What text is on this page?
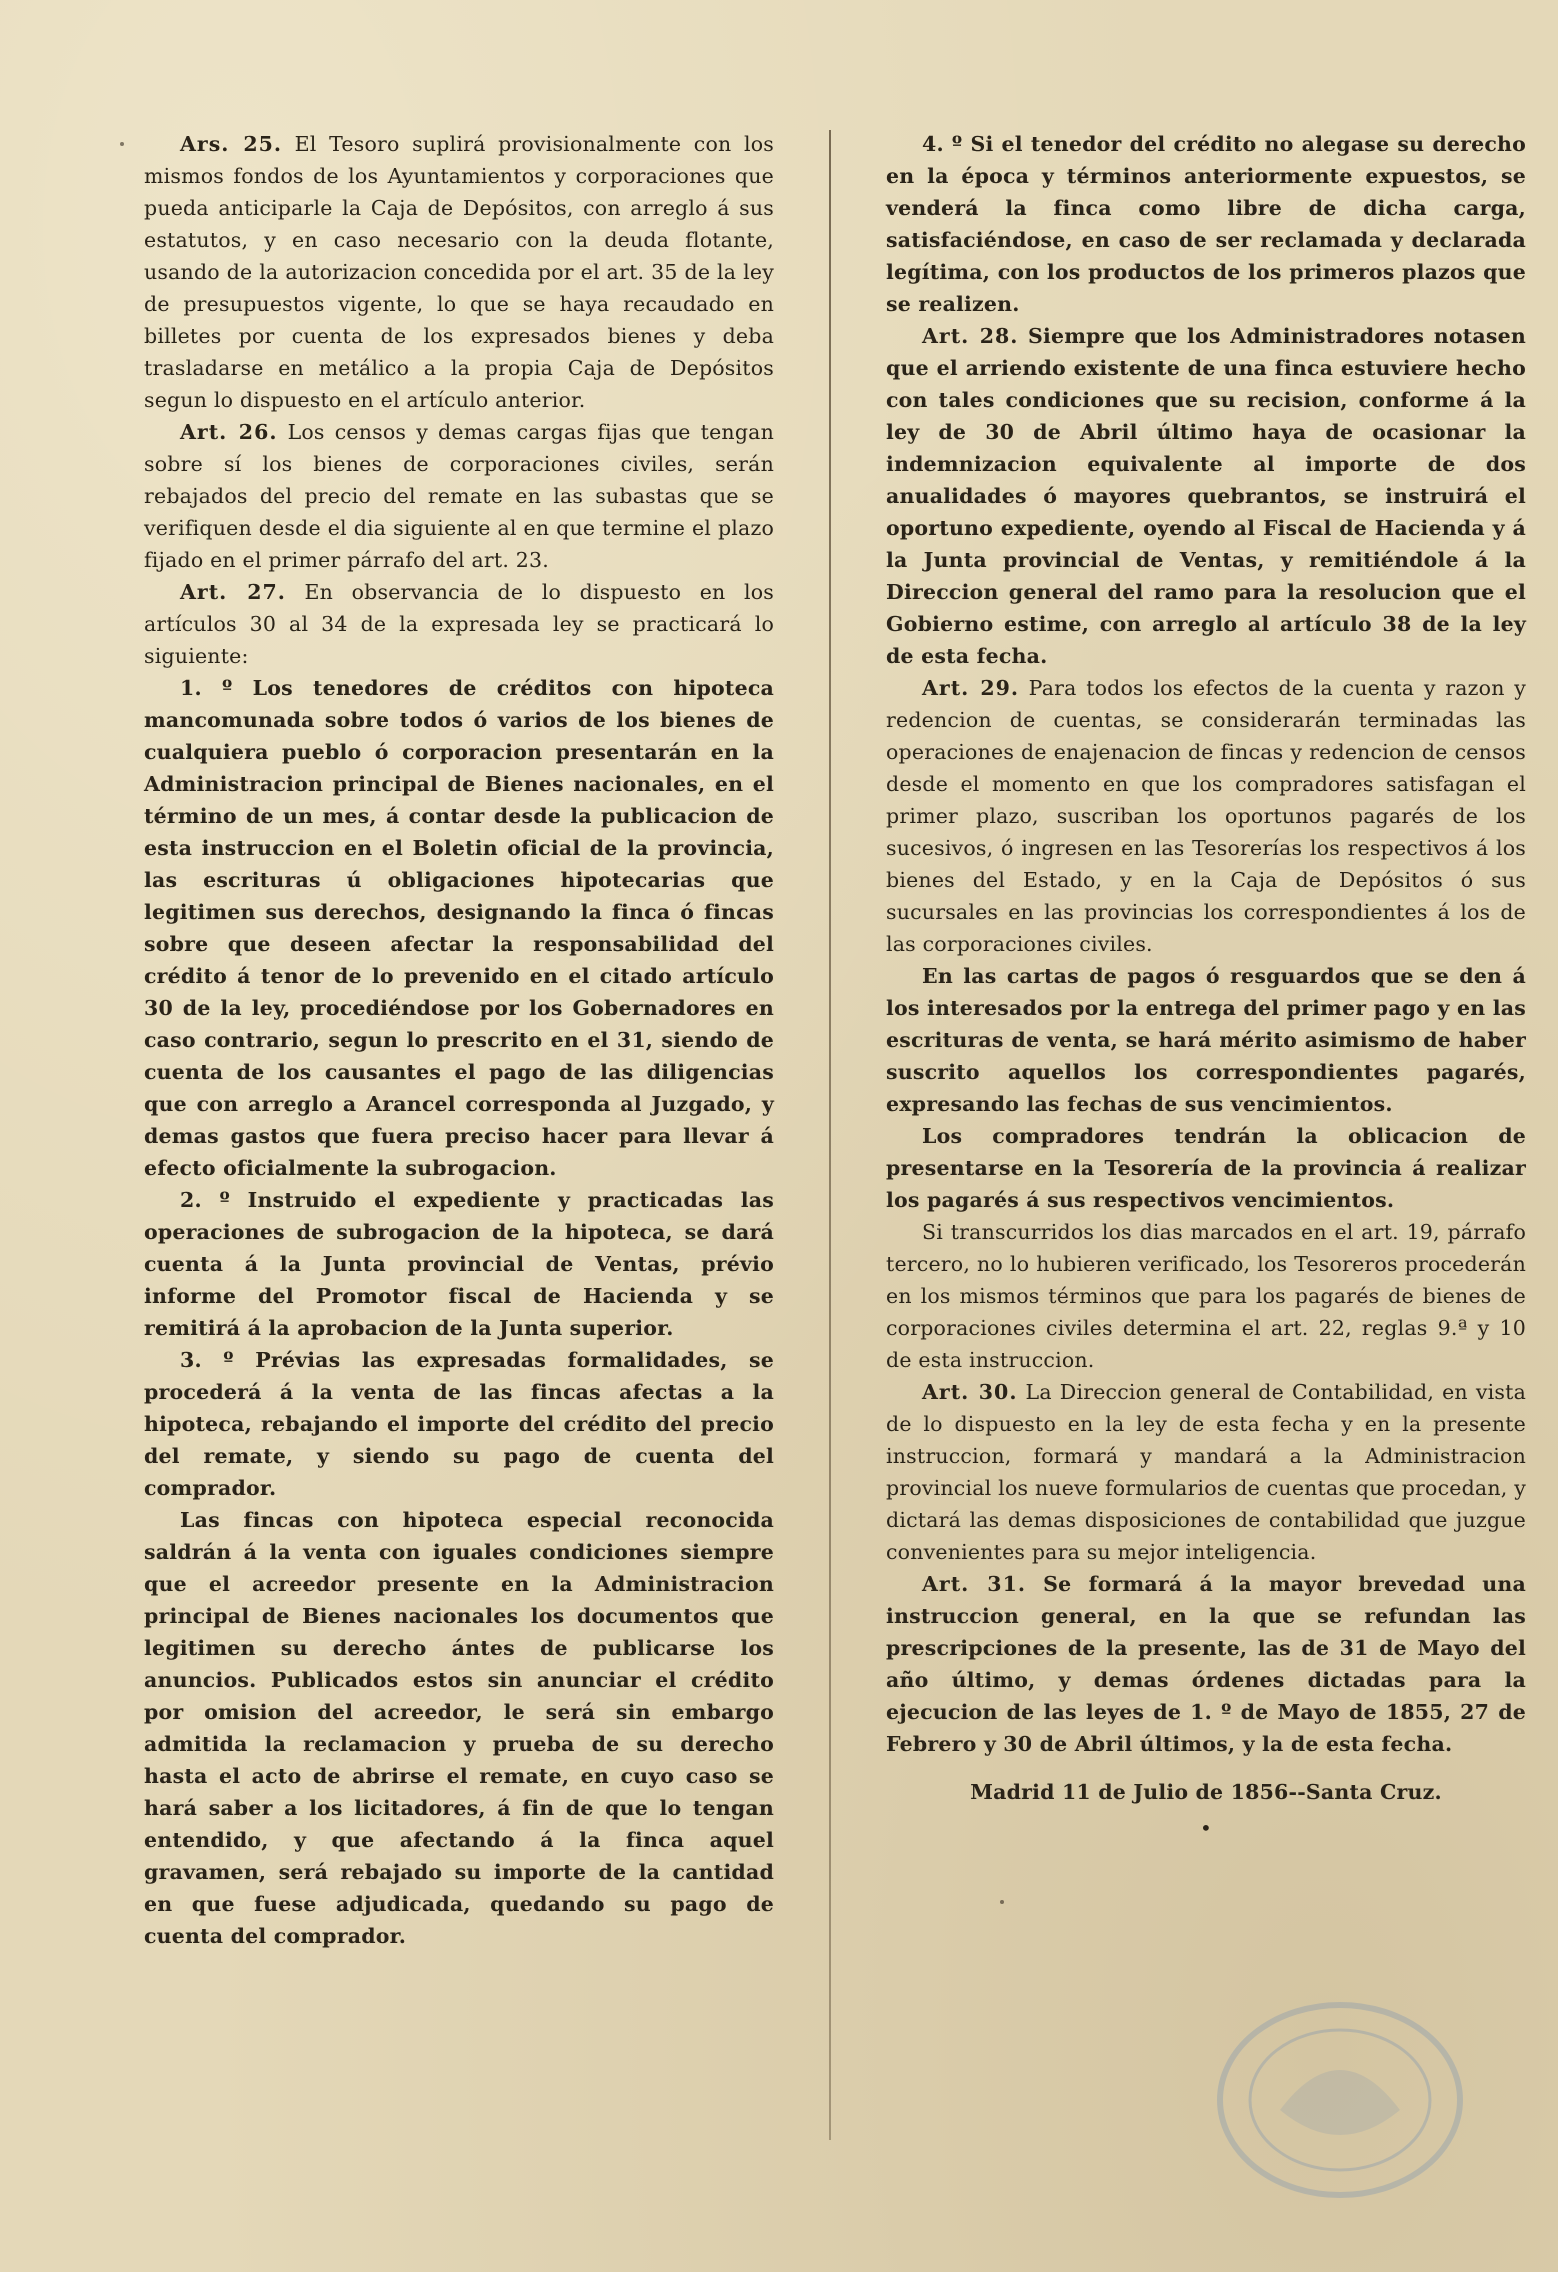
Ars. 25. El Tesoro suplirá provisionalmente con los mismos fondos de los Ayuntamientos y corporaciones que pueda anticiparle la Caja de Depósitos, con arreglo á sus estatutos, y en caso necesario con la deuda flotante, usando de la autorizacion concedida por el art. 35 de la ley de presupuestos vigente, lo que se haya recaudado en billetes por cuenta de los expresados bienes y deba trasladarse en metálico a la propia Caja de Depósitos segun lo dispuesto en el artículo anterior.

Art. 26. Los censos y demas cargas fijas que tengan sobre sí los bienes de corporaciones civiles, serán rebajados del precio del remate en las subastas que se verifiquen desde el dia siguiente al en que termine el plazo fijado en el primer párrafo del art. 23.

Art. 27. En observancia de lo dispuesto en los artículos 30 al 34 de la expresada ley se practicará lo siguiente:

1. º Los tenedores de créditos con hipoteca mancomunada sobre todos ó varios de los bienes de cualquiera pueblo ó corporacion presentarán en la Administracion principal de Bienes nacionales, en el término de un mes, á contar desde la publicacion de esta instruccion en el Boletin oficial de la provincia, las escrituras ú obligaciones hipotecarias que legitimen sus derechos, designando la finca ó fincas sobre que deseen afectar la responsabilidad del crédito á tenor de lo prevenido en el citado artículo 30 de la ley, procediéndose por los Gobernadores en caso contrario, segun lo prescrito en el 31, siendo de cuenta de los causantes el pago de las diligencias que con arreglo a Arancel corresponda al Juzgado, y demas gastos que fuera preciso hacer para llevar á efecto oficialmente la subrogacion.

2. º Instruido el expediente y practicadas las operaciones de subrogacion de la hipoteca, se dará cuenta á la Junta provincial de Ventas, prévio informe del Promotor fiscal de Hacienda y se remitirá á la aprobacion de la Junta superior.

3. º Prévias las expresadas formalidades, se procederá á la venta de las fincas afectas a la hipoteca, rebajando el importe del crédito del precio del remate, y siendo su pago de cuenta del comprador.

Las fincas con hipoteca especial reconocida saldrán á la venta con iguales condiciones siempre que el acreedor presente en la Administracion principal de Bienes nacionales los documentos que legitimen su derecho ántes de publicarse los anuncios. Publicados estos sin anunciar el crédito por omision del acreedor, le será sin embargo admitida la reclamacion y prueba de su derecho hasta el acto de abrirse el remate, en cuyo caso se hará saber a los licitadores, á fin de que lo tengan entendido, y que afectando á la finca aquel gravamen, será rebajado su importe de la cantidad en que fuese adjudicada, quedando su pago de cuenta del comprador.

4. º Si el tenedor del crédito no alegase su derecho en la época y términos anteriormente expuestos, se venderá la finca como libre de dicha carga, satisfaciéndose, en caso de ser reclamada y declarada legítima, con los productos de los primeros plazos que se realizen.

Art. 28. Siempre que los Administradores notasen que el arriendo existente de una finca estuviere hecho con tales condiciones que su recision, conforme á la ley de 30 de Abril último haya de ocasionar la indemnizacion equivalente al importe de dos anualidades ó mayores quebrantos, se instruirá el oportuno expediente, oyendo al Fiscal de Hacienda y á la Junta provincial de Ventas, y remitiéndole á la Direccion general del ramo para la resolucion que el Gobierno estime, con arreglo al artículo 38 de la ley de esta fecha.

Art. 29. Para todos los efectos de la cuenta y razon y redencion de cuentas, se considerarán terminadas las operaciones de enajenacion de fincas y redencion de censos desde el momento en que los compradores satisfagan el primer plazo, suscriban los oportunos pagarés de los sucesivos, ó ingresen en las Tesorerías los respectivos á los bienes del Estado, y en la Caja de Depósitos ó sus sucursales en las provincias los correspondientes á los de las corporaciones civiles.

En las cartas de pagos ó resguardos que se den á los interesados por la entrega del primer pago y en las escrituras de venta, se hará mérito asimismo de haber suscrito aquellos los correspondientes pagarés, expresando las fechas de sus vencimientos.

Los compradores tendrán la oblicacion de presentarse en la Tesorería de la provincia á realizar los pagarés á sus respectivos vencimientos.

Si transcurridos los dias marcados en el art. 19, párrafo tercero, no lo hubieren verificado, los Tesoreros procederán en los mismos términos que para los pagarés de bienes de corporaciones civiles determina el art. 22, reglas 9.ª y 10 de esta instruccion.

Art. 30. La Direccion general de Contabilidad, en vista de lo dispuesto en la ley de esta fecha y en la presente instruccion, formará y mandará a la Administracion provincial los nueve formularios de cuentas que procedan, y dictará las demas disposiciones de contabilidad que juzgue convenientes para su mejor inteligencia.

Art. 31. Se formará á la mayor brevedad una instruccion general, en la que se refundan las prescripciones de la presente, las de 31 de Mayo del año último, y demas órdenes dictadas para la ejecucion de las leyes de 1. º de Mayo de 1855, 27 de Febrero y 30 de Abril últimos, y la de esta fecha.

Madrid 11 de Julio de 1856--Santa Cruz.

•
